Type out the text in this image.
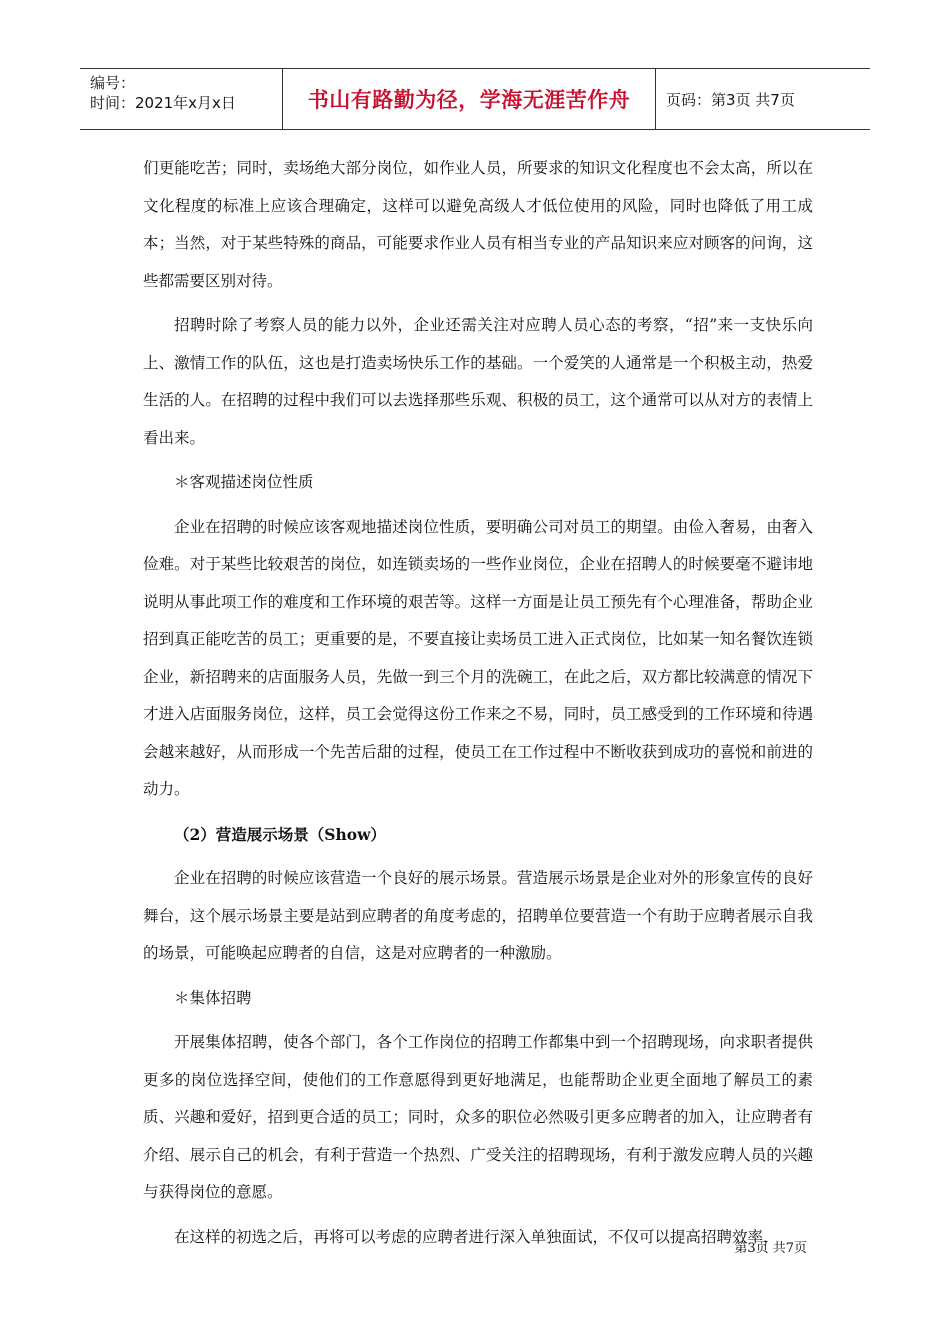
编号：
时间：2021年x月x日	书山有路勤为径，学海无涯苦作舟	页码：第3页 共7页

们更能吃苦；同时，卖场绝大部分岗位，如作业人员，所要求的知识文化程度也不会太高，所以在文化程度的标准上应该合理确定，这样可以避免高级人才低位使用的风险，同时也降低了用工成本；当然，对于某些特殊的商品，可能要求作业人员有相当专业的产品知识来应对顾客的问询，这些都需要区别对待。

招聘时除了考察人员的能力以外，企业还需关注对应聘人员心态的考察，“招”来一支快乐向上、激情工作的队伍，这也是打造卖场快乐工作的基础。一个爱笑的人通常是一个积极主动，热爱生活的人。在招聘的过程中我们可以去选择那些乐观、积极的员工，这个通常可以从对方的表情上看出来。

＊客观描述岗位性质

企业在招聘的时候应该客观地描述岗位性质，要明确公司对员工的期望。由俭入奢易，由奢入俭难。对于某些比较艰苦的岗位，如连锁卖场的一些作业岗位，企业在招聘人的时候要毫不避讳地说明从事此项工作的难度和工作环境的艰苦等。这样一方面是让员工预先有个心理准备，帮助企业招到真正能吃苦的员工；更重要的是，不要直接让卖场员工进入正式岗位，比如某一知名餐饮连锁企业，新招聘来的店面服务人员，先做一到三个月的洗碗工，在此之后，双方都比较满意的情况下才进入店面服务岗位，这样，员工会觉得这份工作来之不易，同时，员工感受到的工作环境和待遇会越来越好，从而形成一个先苦后甜的过程，使员工在工作过程中不断收获到成功的喜悦和前进的动力。

（2）营造展示场景（Show）

企业在招聘的时候应该营造一个良好的展示场景。营造展示场景是企业对外的形象宣传的良好舞台，这个展示场景主要是站到应聘者的角度考虑的，招聘单位要营造一个有助于应聘者展示自我的场景，可能唤起应聘者的自信，这是对应聘者的一种激励。

＊集体招聘

开展集体招聘，使各个部门，各个工作岗位的招聘工作都集中到一个招聘现场，向求职者提供更多的岗位选择空间，使他们的工作意愿得到更好地满足，也能帮助企业更全面地了解员工的素质、兴趣和爱好，招到更合适的员工；同时，众多的职位必然吸引更多应聘者的加入，让应聘者有介绍、展示自己的机会，有利于营造一个热烈、广受关注的招聘现场，有利于激发应聘人员的兴趣与获得岗位的意愿。

在这样的初选之后，再将可以考虑的应聘者进行深入单独面试，不仅可以提高招聘效率，

第3页 共7页
